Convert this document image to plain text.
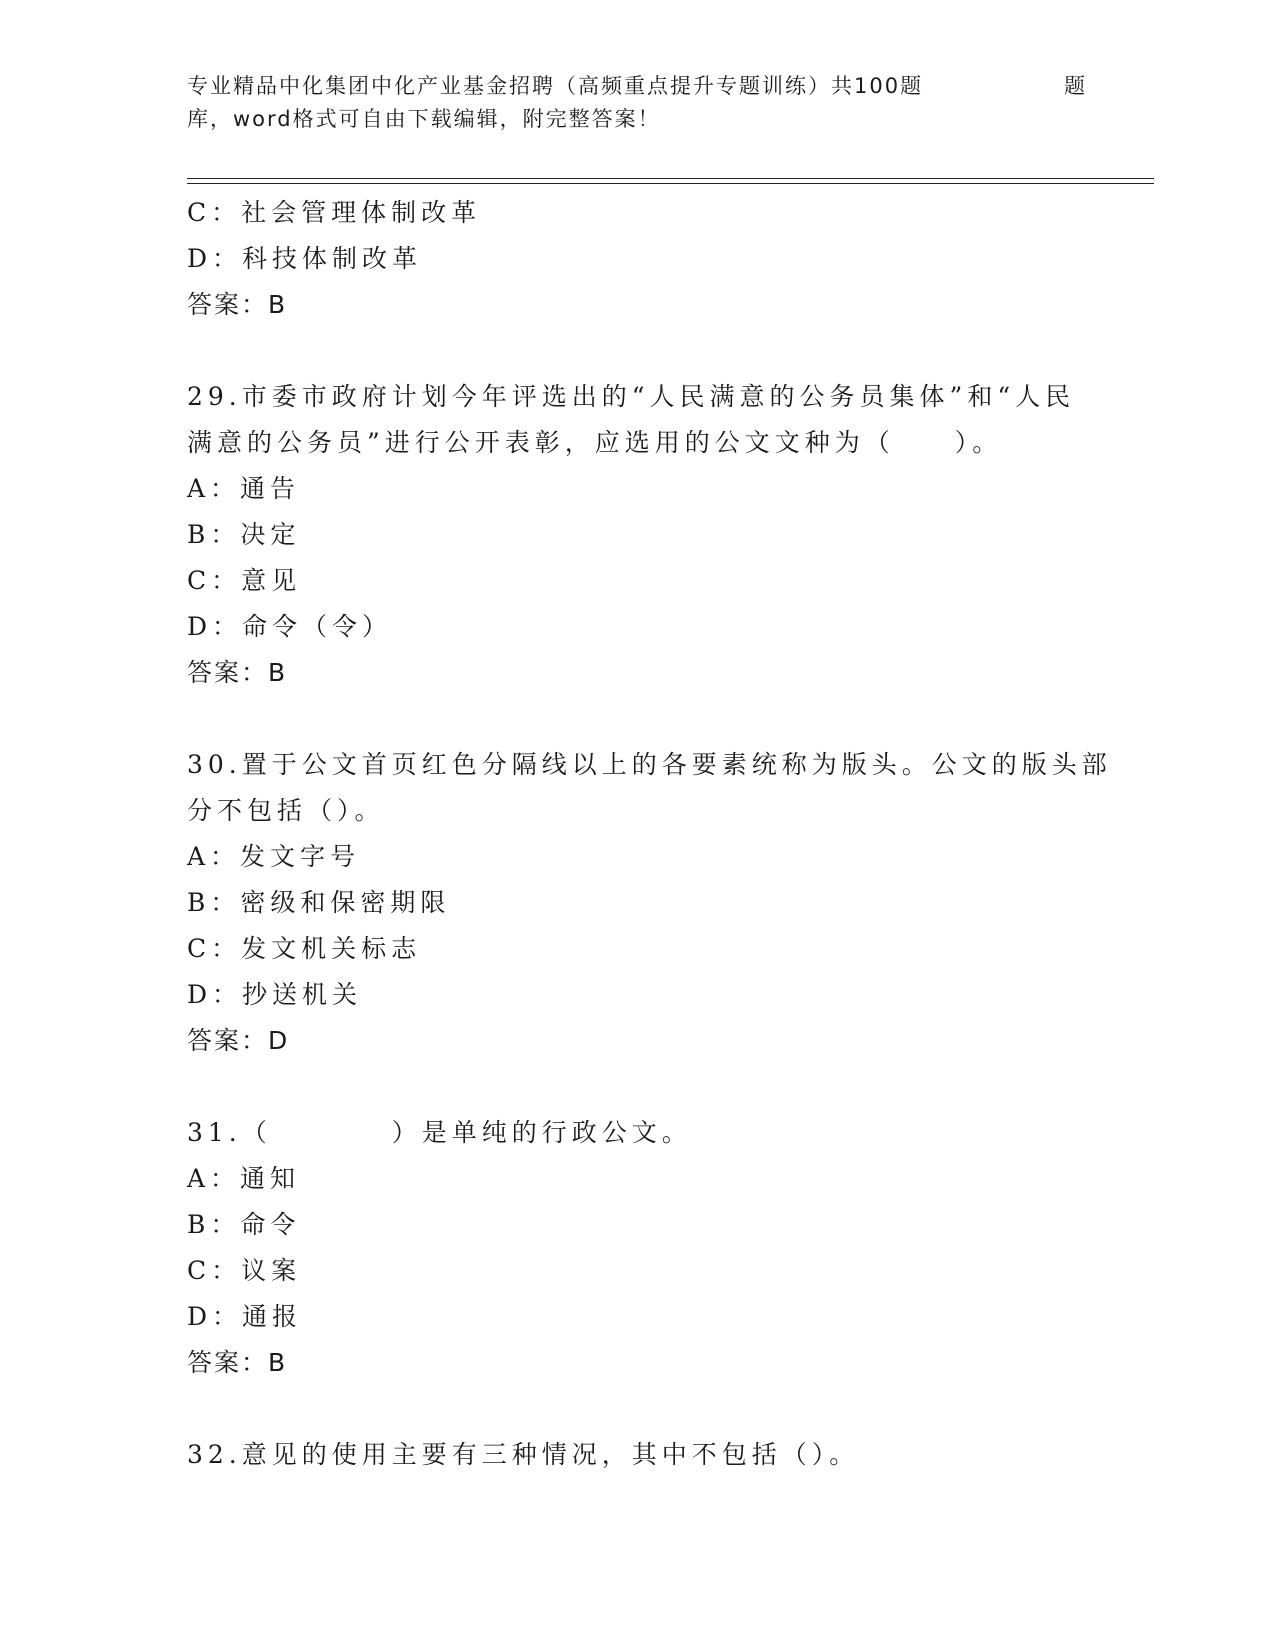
专业精品中化集团中化产业基金招聘（高频重点提升专题训练）共100题	题
库，word格式可自由下载编辑，附完整答案！
C：社会管理体制改革
D：科技体制改革
答案：B
29.市委市政府计划今年评选出的“人民满意的公务员集体”和“人民
满意的公务员”进行公开表彰，应选用的公文文种为（　　）。
A：通告
B：决定
C：意见
D：命令（令）
答案：B
30.置于公文首页红色分隔线以上的各要素统称为版头。公文的版头部
分不包括（）。
A：发文字号
B：密级和保密期限
C：发文机关标志
D：抄送机关
答案：D
31.（　　　　）是单纯的行政公文。
A：通知
B：命令
C：议案
D：通报
答案：B
32.意见的使用主要有三种情况，其中不包括（）。
